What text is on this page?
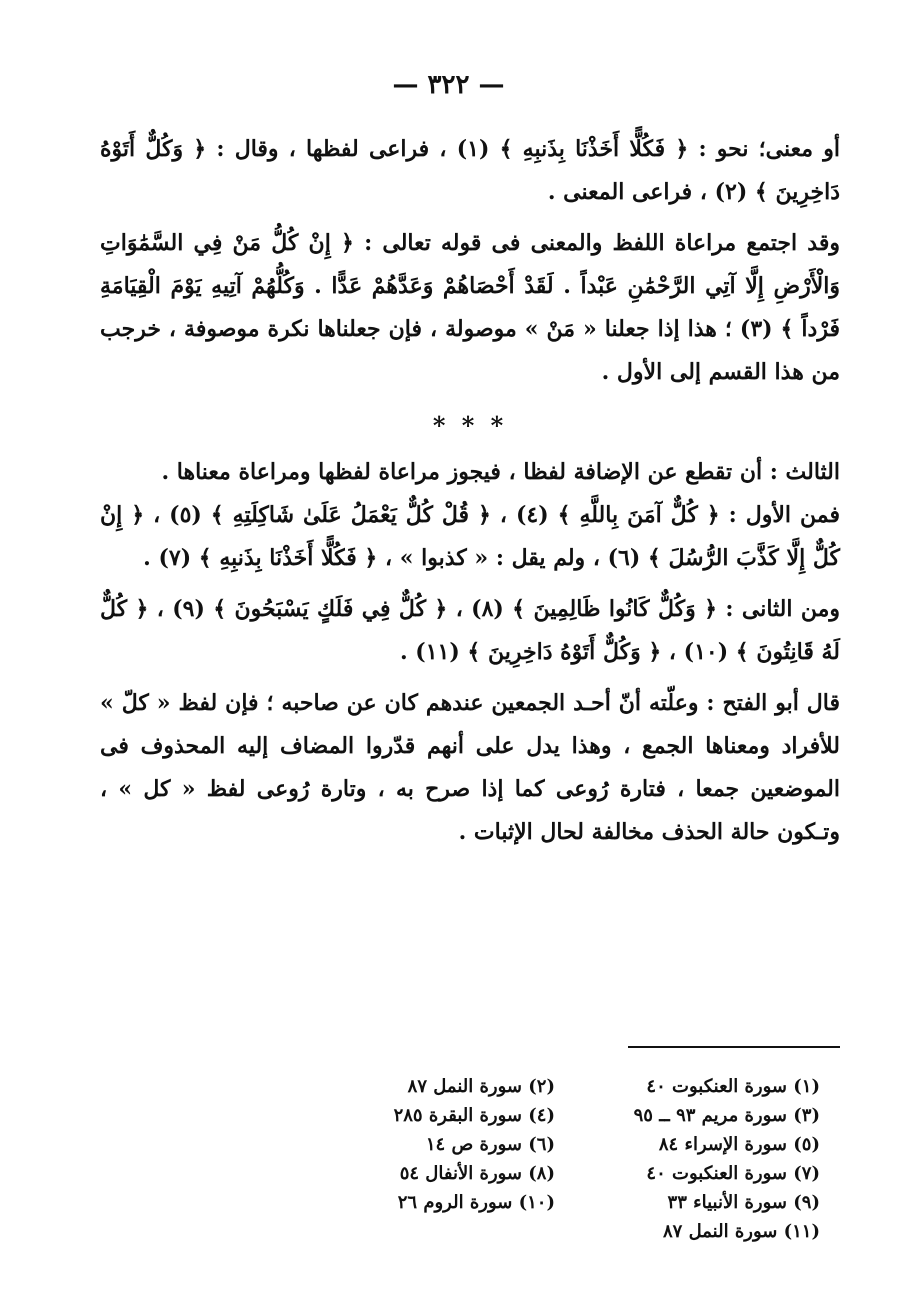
— ٣٢٢ —

أو معنى؛ نحو : ﴿ فَكُلًّا أَخَذْنَا بِذَنبِهِ ﴾ (١) ، فراعى لفظها ، وقال : ﴿ وَكُلٌّ أَتَوْهُ دَاخِرِينَ ﴾ (٢) ، فراعى المعنى .

وقد اجتمع مراعاة اللفظ والمعنى فى قوله تعالى : ﴿ إِنْ كُلُّ مَنْ فِي السَّمَٰوَاتِ وَالْأَرْضِ إِلَّا آتِي الرَّحْمَٰنِ عَبْداً . لَقَدْ أَحْصَاهُمْ وَعَدَّهُمْ عَدًّا . وَكُلُّهُمْ آتِيهِ يَوْمَ الْقِيَامَةِ فَرْداً ﴾ (٣) ؛ هذا إذا جعلنا « مَنْ » موصولة ، فإن جعلناها نكرة موصوفة ، خرجب من هذا القسم إلى الأول .

* * *

الثالث : أن تقطع عن الإضافة لفظا ، فيجوز مراعاة لفظها ومراعاة معناها .

فمن الأول : ﴿ كُلٌّ آمَنَ بِاللَّهِ ﴾ (٤) ، ﴿ قُلْ كُلٌّ يَعْمَلُ عَلَىٰ شَاكِلَتِهِ ﴾ (٥) ، ﴿ إِنْ كُلٌّ إِلَّا كَذَّبَ الرُّسُلَ ﴾ (٦) ، ولم يقل : « كذبوا » ، ﴿ فَكُلًّا أَخَذْنَا بِذَنبِهِ ﴾ (٧) .

ومن الثانى : ﴿ وَكُلٌّ كَانُوا ظَالِمِينَ ﴾ (٨) ، ﴿ كُلٌّ فِي فَلَكٍ يَسْبَحُونَ ﴾ (٩) ، ﴿ كُلٌّ لَهُ قَانِتُونَ ﴾ (١٠) ، ﴿ وَكُلٌّ أَتَوْهُ دَاخِرِينَ ﴾ (١١) .

قال أبو الفتح : وعلّته أنّ أحـد الجمعين عندهم كان عن صاحبه ؛ فإن لفظ « كلّ » للأفراد ومعناها الجمع ، وهذا يدل على أنهم قدّروا المضاف إليه المحذوف فى الموضعين جمعا ، فتارة رُوعى كما إذا صرح به ، وتارة رُوعى لفظ « كل » ، وتـكون حالة الحذف مخالفة لحال الإثبات .

(١) سورة العنكبوت ٤٠
(٣) سورة مريم ٩٣ ــ ٩٥
(٥) سورة الإسراء ٨٤
(٧) سورة العنكبوت ٤٠
(٩) سورة الأنبياء ٣٣
(١١) سورة النمل ٨٧
(٢) سورة النمل ٨٧
(٤) سورة البقرة ٢٨٥
(٦) سورة ص ١٤
(٨) سورة الأنفال ٥٤
(١٠) سورة الروم ٢٦
